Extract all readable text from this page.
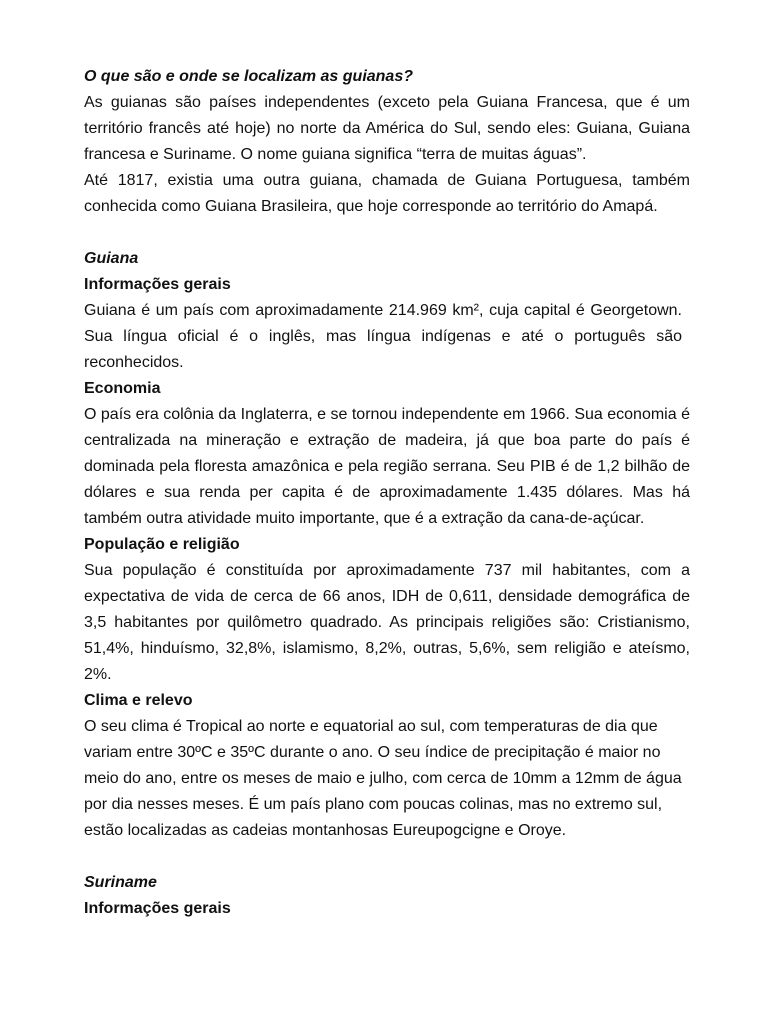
O que são e onde se localizam as guianas?

As guianas são países independentes (exceto pela Guiana Francesa, que é um território francês até hoje) no norte da América do Sul, sendo eles: Guiana, Guiana francesa e Suriname. O nome guiana significa “terra de muitas águas”.

Até 1817, existia uma outra guiana, chamada de Guiana Portuguesa, também conhecida como Guiana Brasileira, que hoje corresponde ao território do Amapá.

Guiana

Informações gerais

Guiana é um país com aproximadamente 214.969 km², cuja capital é Georgetown. Sua língua oficial é o inglês, mas língua indígenas e até o português são reconhecidos.

Economia

O país era colônia da Inglaterra, e se tornou independente em 1966. Sua economia é centralizada na mineração e extração de madeira, já que boa parte do país é dominada pela floresta amazônica e pela região serrana. Seu PIB é de 1,2 bilhão de dólares e sua renda per capita é de aproximadamente 1.435 dólares. Mas há também outra atividade muito importante, que é a extração da cana-de-açúcar.

População e religião

Sua população é constituída por aproximadamente 737 mil habitantes, com a expectativa de vida de cerca de 66 anos, IDH de 0,611, densidade demográfica de 3,5 habitantes por quilômetro quadrado. As principais religiões são: Cristianismo, 51,4%, hinduísmo, 32,8%, islamismo, 8,2%, outras, 5,6%, sem religião e ateísmo, 2%.

Clima e relevo

O seu clima é Tropical ao norte e equatorial ao sul, com temperaturas de dia que variam entre 30ºC e 35ºC durante o ano. O seu índice de precipitação é maior no meio do ano, entre os meses de maio e julho, com cerca de 10mm a 12mm de água por dia nesses meses. É um país plano com poucas colinas, mas no extremo sul, estão localizadas as cadeias montanhosas Eureupogcigne e Oroye.

Suriname

Informações gerais
